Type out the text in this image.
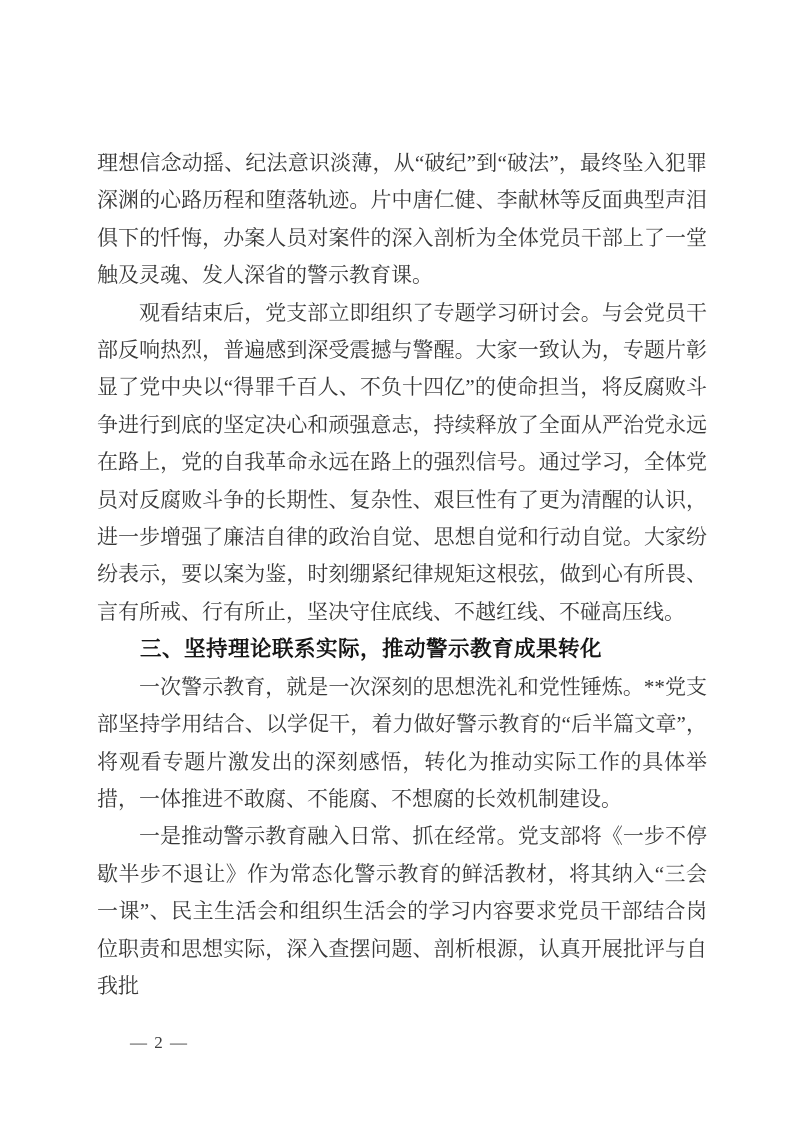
理想信念动摇、纪法意识淡薄，从“破纪”到“破法”，最终坠入犯罪深渊的心路历程和堕落轨迹。片中唐仁健、李献林等反面典型声泪俱下的忏悔，办案人员对案件的深入剖析为全体党员干部上了一堂触及灵魂、发人深省的警示教育课。

观看结束后，党支部立即组织了专题学习研讨会。与会党员干部反响热烈，普遍感到深受震撼与警醒。大家一致认为，专题片彰显了党中央以“得罪千百人、不负十四亿”的使命担当，将反腐败斗争进行到底的坚定决心和顽强意志，持续释放了全面从严治党永远在路上，党的自我革命永远在路上的强烈信号。通过学习，全体党员对反腐败斗争的长期性、复杂性、艰巨性有了更为清醒的认识，进一步增强了廉洁自律的政治自觉、思想自觉和行动自觉。大家纷纷表示，要以案为鉴，时刻绷紧纪律规矩这根弦，做到心有所畏、言有所戒、行有所止，坚决守住底线、不越红线、不碰高压线。

三、坚持理论联系实际，推动警示教育成果转化

一次警示教育，就是一次深刻的思想洗礼和党性锤炼。**党支部坚持学用结合、以学促干，着力做好警示教育的“后半篇文章”，将观看专题片激发出的深刻感悟，转化为推动实际工作的具体举措，一体推进不敢腐、不能腐、不想腐的长效机制建设。

一是推动警示教育融入日常、抓在经常。党支部将《一步不停歇半步不退让》作为常态化警示教育的鲜活教材，将其纳入“三会一课”、民主生活会和组织生活会的学习内容要求党员干部结合岗位职责和思想实际，深入查摆问题、剖析根源，认真开展批评与自我批

— 2 —
